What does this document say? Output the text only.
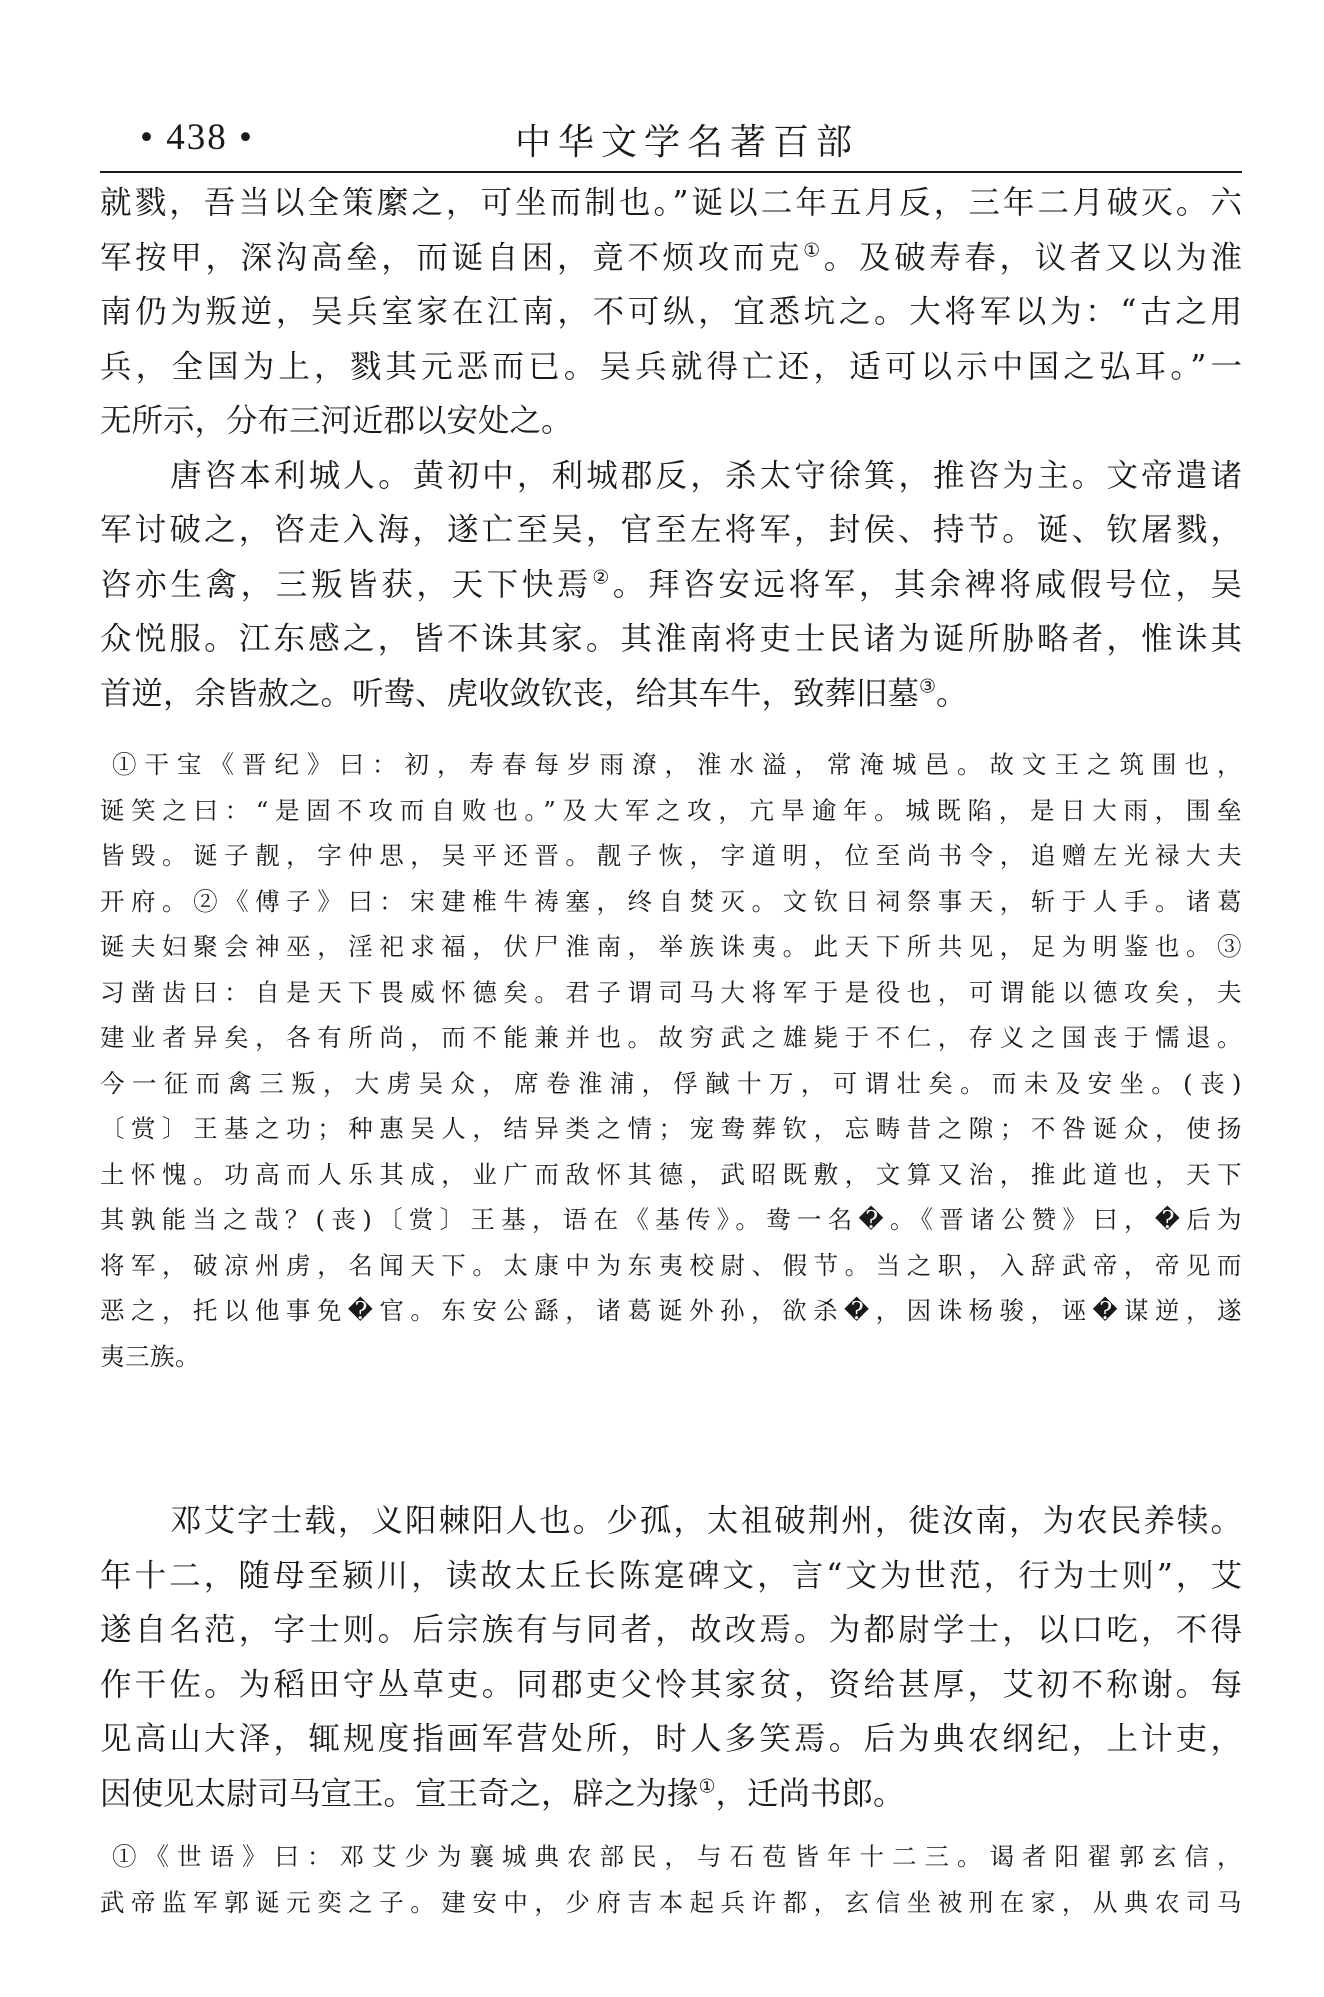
• 438 •	中华文学名著百部
就戮，吾当以全策縻之，可坐而制也。”诞以二年五月反，三年二月破灭。六
军按甲，深沟高垒，而诞自困，竟不烦攻而克①。及破寿春，议者又以为淮
南仍为叛逆，吴兵室家在江南，不可纵，宜悉坑之。大将军以为：“古之用
兵，全国为上，戮其元恶而已。吴兵就得亡还，适可以示中国之弘耳。”一
无所示，分布三河近郡以安处之。
唐咨本利城人。黄初中，利城郡反，杀太守徐箕，推咨为主。文帝遣诸
军讨破之，咨走入海，遂亡至吴，官至左将军，封侯、持节。诞、钦屠戮，
咨亦生禽，三叛皆获，天下快焉②。拜咨安远将军，其余裨将咸假号位，吴
众悦服。江东感之，皆不诛其家。其淮南将吏士民诸为诞所胁略者，惟诛其
首逆，余皆赦之。听鸯、虎收敛钦丧，给其车牛，致葬旧墓③。
①干宝《晋纪》曰：初，寿春每岁雨潦，淮水溢，常淹城邑。故文王之筑围也，
诞笑之曰：“是固不攻而自败也。”及大军之攻，亢旱逾年。城既陷，是日大雨，围垒
皆毁。诞子靓，字仲思，吴平还晋。靓子恢，字道明，位至尚书令，追赠左光禄大夫
开府。②《傅子》曰：宋建椎牛祷塞，终自焚灭。文钦日祠祭事天，斩于人手。诸葛
诞夫妇聚会神巫，淫祀求福，伏尸淮南，举族诛夷。此天下所共见，足为明鉴也。③
习凿齿曰：自是天下畏威怀德矣。君子谓司马大将军于是役也，可谓能以德攻矣，夫
建业者异矣，各有所尚，而不能兼并也。故穷武之雄毙于不仁，存义之国丧于懦退。
今一征而禽三叛，大虏吴众，席卷淮浦，俘馘十万，可谓壮矣。而未及安坐。(丧)
〔赏〕王基之功；种惠吴人，结异类之情；宠鸯葬钦，忘畴昔之隙；不咎诞众，使扬
土怀愧。功高而人乐其成，业广而敌怀其德，武昭既敷，文算又治，推此道也，天下
其孰能当之哉？(丧)〔赏〕王基，语在《基传》。鸯一名�。《晋诸公赞》曰，�后为
将军，破凉州虏，名闻天下。太康中为东夷校尉、假节。当之职，入辞武帝，帝见而
恶之，托以他事免�官。东安公繇，诸葛诞外孙，欲杀�，因诛杨骏，诬�谋逆，遂
夷三族。
邓艾字士载，义阳棘阳人也。少孤，太祖破荆州，徙汝南，为农民养犊。
年十二，随母至颍川，读故太丘长陈寔碑文，言“文为世范，行为士则”，艾
遂自名范，字士则。后宗族有与同者，故改焉。为都尉学士，以口吃，不得
作干佐。为稻田守丛草吏。同郡吏父怜其家贫，资给甚厚，艾初不称谢。每
见高山大泽，辄规度指画军营处所，时人多笑焉。后为典农纲纪，上计吏，
因使见太尉司马宣王。宣王奇之，辟之为掾①，迁尚书郎。
①《世语》曰：邓艾少为襄城典农部民，与石苞皆年十二三。谒者阳翟郭玄信，
武帝监军郭诞元奕之子。建安中，少府吉本起兵许都，玄信坐被刑在家，从典农司马
